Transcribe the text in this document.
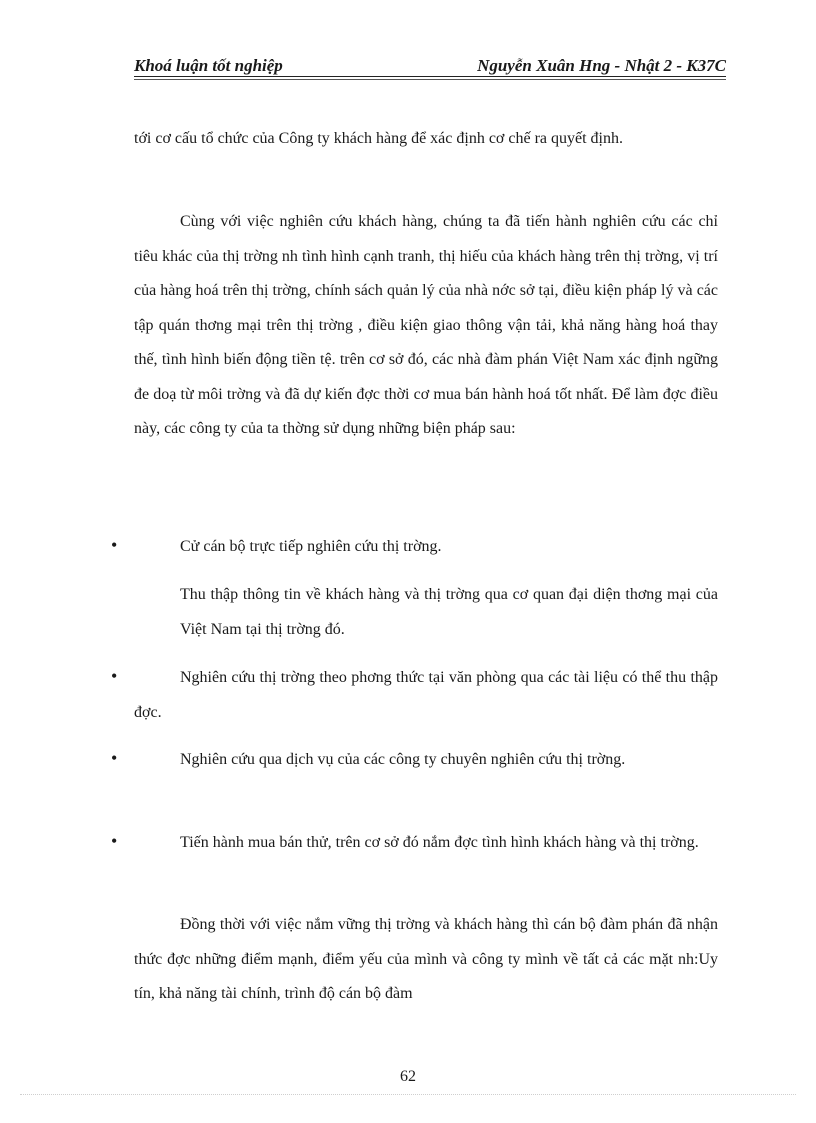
Khoá luận tốt nghiệp	Nguyễn Xuân Hng - Nhật 2 - K37C

tới cơ cấu tổ chức của Công ty khách hàng để xác định cơ chế ra quyết định.

Cùng với việc nghiên cứu khách hàng, chúng ta đã tiến hành nghiên cứu các chỉ tiêu khác của thị trờng nh tình hình cạnh tranh, thị hiếu của khách hàng trên thị trờng, vị trí của hàng hoá trên thị trờng, chính sách quản lý của nhà nớc sở tại, điều kiện pháp lý và các tập quán thơng mại trên thị trờng , điều kiện giao thông vận tải, khả năng hàng hoá thay thế, tình hình biến động tiền tệ. trên cơ sở đó, các nhà đàm phán Việt Nam xác định ngững đe doạ từ môi trờng và đã dự kiến đợc thời cơ mua bán hành hoá tốt nhất. Để làm đợc điều này, các công ty của ta thờng sử dụng những biện pháp sau:

•	Cử cán bộ trực tiếp nghiên cứu thị trờng.

Thu thập thông tin về khách hàng và thị trờng qua cơ quan đại diện thơng mại của Việt Nam tại thị trờng đó.

•	Nghiên cứu thị trờng theo phơng thức tại văn phòng qua các tài liệu có thể thu thập đợc.

•	Nghiên cứu qua dịch vụ của các công ty chuyên nghiên cứu thị trờng.

•	Tiến hành mua bán thử, trên cơ sở đó nắm đợc tình hình khách hàng và thị trờng.

Đồng thời với việc nắm vững thị trờng và khách hàng thì cán bộ đàm phán đã nhận thức đợc những điểm mạnh, điểm yếu của mình và công ty mình về tất cả các mặt nh:Uy tín, khả năng tài chính, trình độ cán bộ đàm

62
